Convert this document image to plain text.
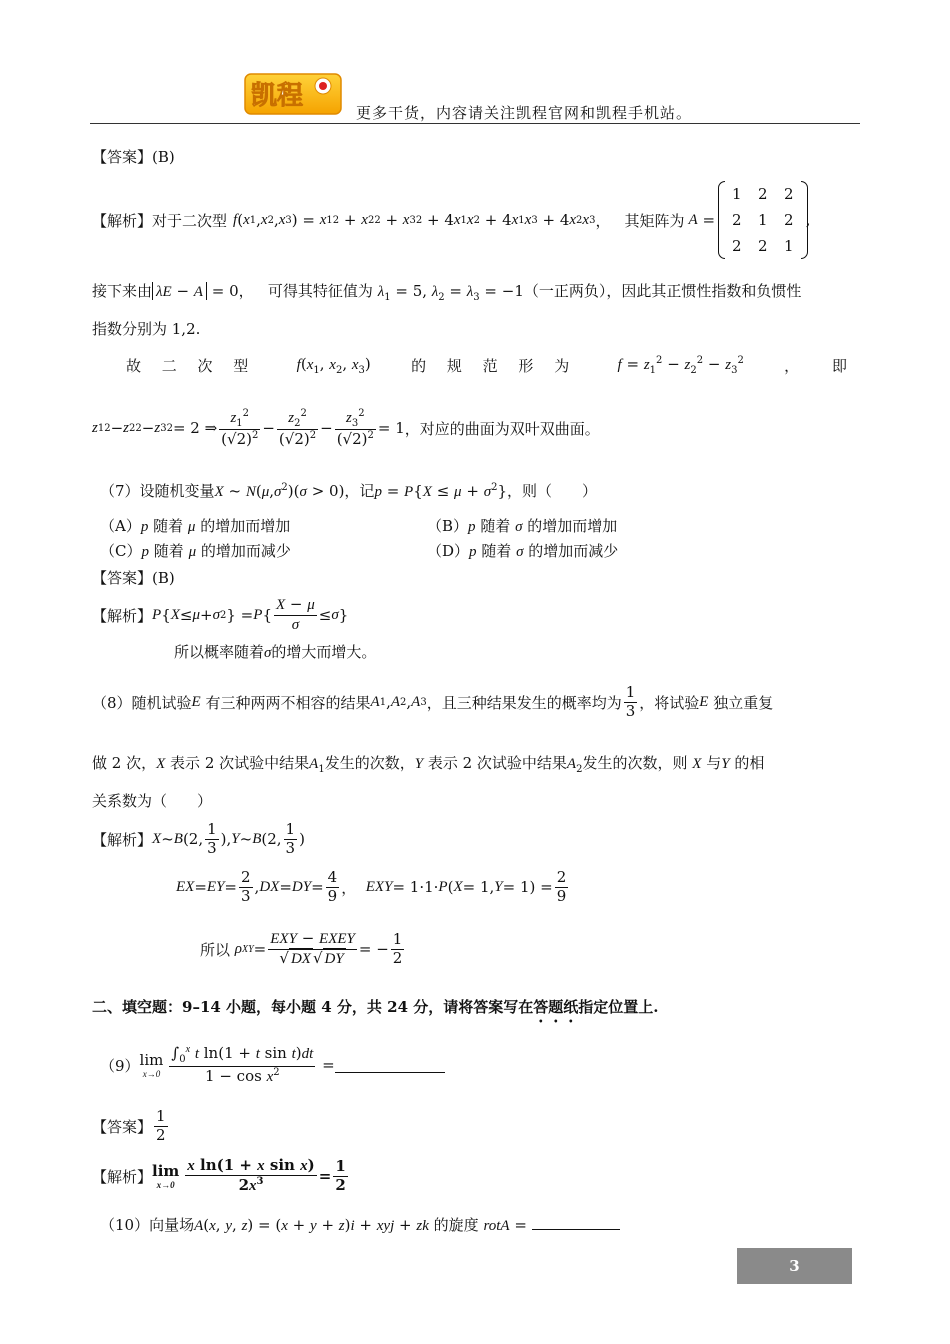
凯程
更多干货，内容请关注凯程官网和凯程手机站。
【答案】(B)
【解析】 对于二次型 f ( x 1 , x 2 , x 3 ) = x 1 2 + x 2 2 + x 3 2 + 4 x 1 x 2 + 4 x 1 x 3 + 4 x 2 x 3 ， 其矩阵为 A =
1	2	2
2	1	2
2	2	1
,
接下来由 λE − A = 0，   可得其特征值为 $\lambda_1 = 5$, $\lambda_2 = \lambda_3 = -1$（一正两负），因此其正惯性指数和负惯性
指数分别为 1,2.
故 二 次 型	$f(x_1$, $x_2$, $x_3$)	的 规 范 形 为	$f = z_1^2 - z_2^2 - z_3^2$	， 即
z 1 2 − z 2 2 − z 3 2 = 2 ⇒ $\frac{z_1^2}{(√2)^2} - \frac{z_2^2}{(√2)^2} - \frac{z_3^2}{(√2)^2} = 1$ ，对应的曲面为双叶双曲面。
（7）设随机变量X ~ $N(\mu,\sigma^2)(\sigma > 0)$，记$p = P\{X \le \mu + \sigma^2\}$，则（　　）
（A）p 随着 μ 的增加而增加	（B）p 随着 σ 的增加而增加
（C）p 随着 μ 的增加而减少	（D）p 随着 σ 的增加而减少
【答案】(B)
【解析】 P { X ≤ μ + σ 2 } = P { $\frac{X - \mu}{\sigma} \le \sigma$ }
所以概率随着σ的增大而增大。
（8）随机试验 E
有三种两两不相容的结果 A 1 , A 2 , A 3 ，且三种结果发生的概率均为 $\frac{1}{3}$ ，将试验 E
独立重复
做 2 次，X 表示 2 次试验中结果$A_1$发生的次数，Y 表示 2 次试验中结果$A_2$发生的次数，则 X 与Y 的相
关系数为（　　）
【解析】 X ~ B (2, $\frac{1}{3}$ ), Y ~ B (2, $\frac{1}{3}$ )
EX = EY = $\frac{2}{3}$ , DX = DY = $\frac{4}{9}$ ， EXY = 1·1· P ( X = 1, $Y = 1) = \frac{2}{9}$
所以
ρ XY = $\frac{\text{EXY − EXEY}}{√ DX √ DY}$ = − $\frac{1}{2}$
二、填空题：9–14 小题，每小题 4 分，共 24 分，请将答案写在答题纸指定位置上.
（9） lim
$x\to 0 \frac{\int_0^x t \ln(1 + t \sin t)dt}{1 - \cos x^2}$ =
【答案】 $\frac{1}{2}$
【解析】 lim
$x\to 0 \frac{\text{x ln(1 + x sin x)}}{2x^3} = \frac{1}{2}$
（10）向量场A(x, y, z) = (x + y + z)i + xyj + zk 的旋度 rotA =
3
